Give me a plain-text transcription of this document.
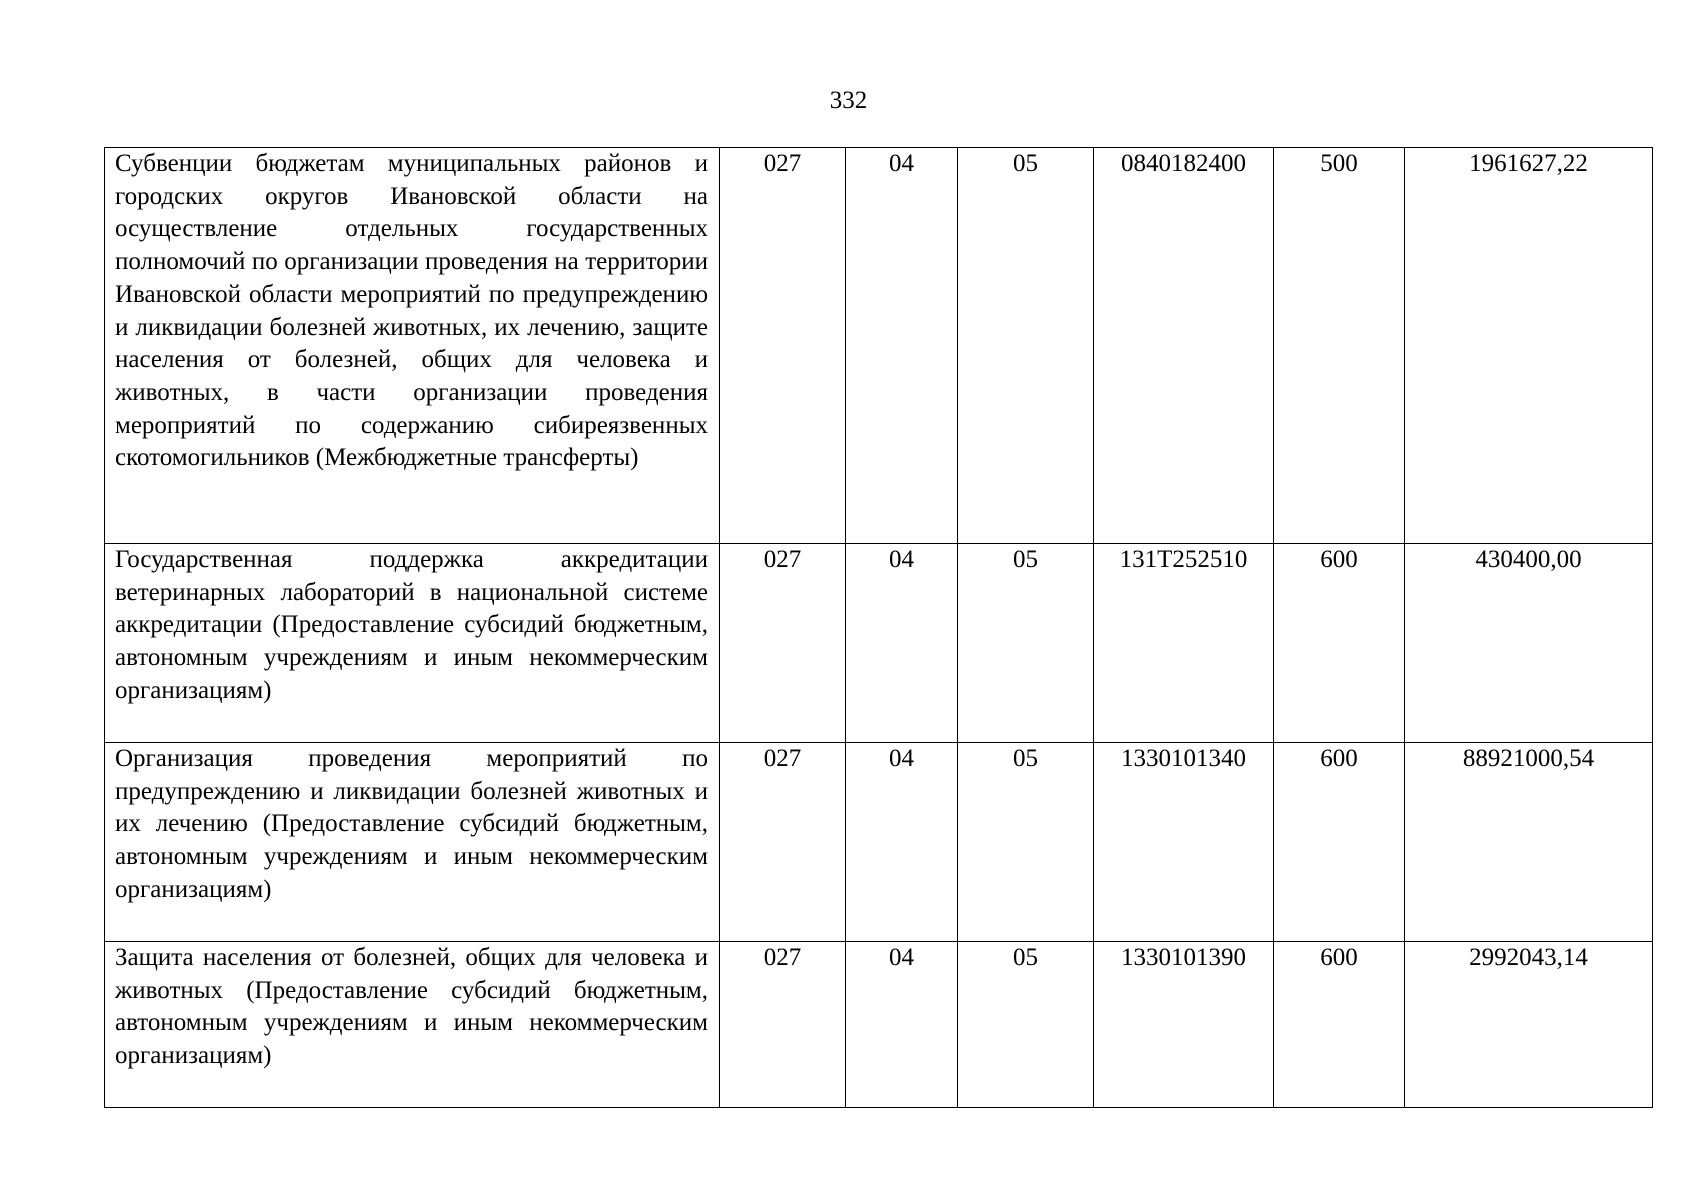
332
Субвенции бюджетам муниципальных районов и городских округов Ивановской области на осуществление отдельных государственных полномочий по организации проведения на территории Ивановской области мероприятий по предупреждению и ликвидации болезней животных, их лечению, защите населения от болезней, общих для человека и животных, в части организации проведения мероприятий по содержанию сибиреязвенных скотомогильников (Межбюджетные трансферты)	027	04	05	0840182400	500	1961627,22
Государственная поддержка аккредитации ветеринарных лабораторий в национальной системе аккредитации (Предоставление субсидий бюджетным, автономным учреждениям и иным некоммерческим организациям)	027	04	05	131Т252510	600	430400,00
Организация проведения мероприятий по предупреждению и ликвидации болезней животных и их лечению (Предоставление субсидий бюджетным, автономным учреждениям и иным некоммерческим организациям)	027	04	05	1330101340	600	88921000,54
Защита населения от болезней, общих для человека и животных (Предоставление субсидий бюджетным, автономным учреждениям и иным некоммерческим организациям)	027	04	05	1330101390	600	2992043,14
